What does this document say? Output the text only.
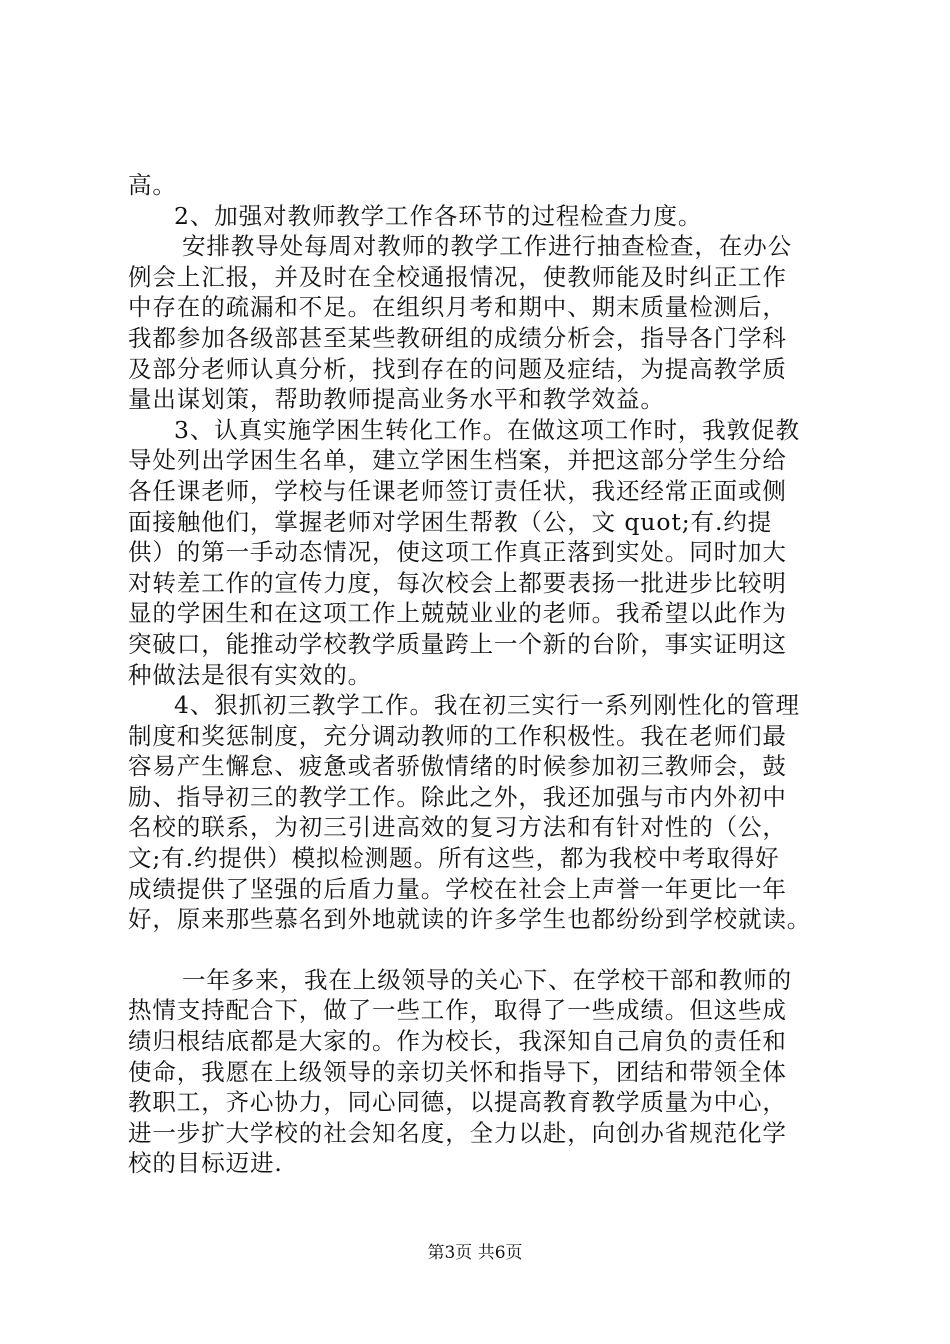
高。
2、加强对教师教学工作各环节的过程检查力度。
安排教导处每周对教师的教学工作进行抽查检查，在办公
例会上汇报，并及时在全校通报情况，使教师能及时纠正工作
中存在的疏漏和不足。在组织月考和期中、期末质量检测后，
我都参加各级部甚至某些教研组的成绩分析会，指导各门学科
及部分老师认真分析，找到存在的问题及症结，为提高教学质
量出谋划策，帮助教师提高业务水平和教学效益。
3、认真实施学困生转化工作。在做这项工作时，我敦促教
导处列出学困生名单，建立学困生档案，并把这部分学生分给
各任课老师，学校与任课老师签订责任状，我还经常正面或侧
面接触他们，掌握老师对学困生帮教（公，文 quot;有.约提
供）的第一手动态情况，使这项工作真正落到实处。同时加大
对转差工作的宣传力度，每次校会上都要表扬一批进步比较明
显的学困生和在这项工作上兢兢业业的老师。我希望以此作为
突破口，能推动学校教学质量跨上一个新的台阶，事实证明这
种做法是很有实效的。
4、狠抓初三教学工作。我在初三实行一系列刚性化的管理
制度和奖惩制度，充分调动教师的工作积极性。我在老师们最
容易产生懈怠、疲惫或者骄傲情绪的时候参加初三教师会，鼓
励、指导初三的教学工作。除此之外，我还加强与市内外初中
名校的联系，为初三引进高效的复习方法和有针对性的（公，
文;有.约提供）模拟检测题。所有这些，都为我校中考取得好
成绩提供了坚强的后盾力量。学校在社会上声誉一年更比一年
好，原来那些慕名到外地就读的许多学生也都纷纷到学校就读。
一年多来，我在上级领导的关心下、在学校干部和教师的
热情支持配合下，做了一些工作，取得了一些成绩。但这些成
绩归根结底都是大家的。作为校长，我深知自己肩负的责任和
使命，我愿在上级领导的亲切关怀和指导下，团结和带领全体
教职工，齐心协力，同心同德，以提高教育教学质量为中心，
进一步扩大学校的社会知名度，全力以赴，向创办省规范化学
校的目标迈进.
第3页 共6页
